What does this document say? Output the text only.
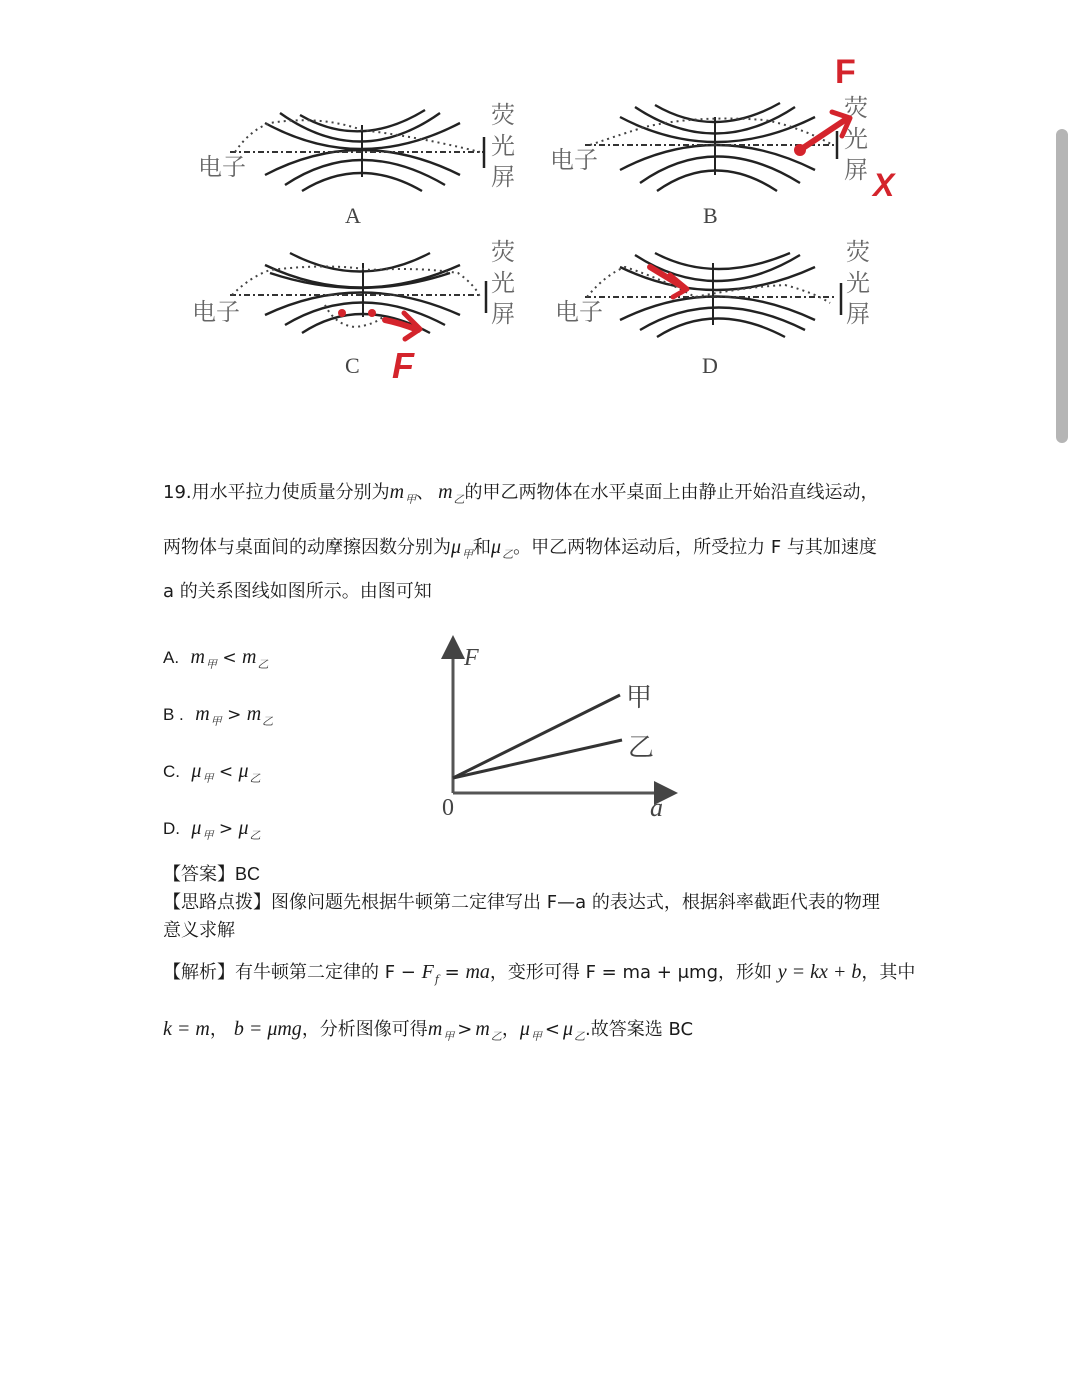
电子
荧
光
屏
A
电子
荧
光
屏
B
F
X
电子
荧
光
屏
C F
电子
荧
光
屏
D
19.用水平拉力使质量分别为$m_甲$、 $m_乙$的甲乙两物体在水平桌面上由静止开始沿直线运动，
两物体与桌面间的动摩擦因数分别为$\mu_甲$和$\mu_乙$。甲乙两物体运动后，所受拉力 F 与其加速度
a 的关系图线如图所示。由图可知
A. $m_甲 < m_乙$
B . $m_甲 > m_乙$
C. $\mu_甲 < \mu_乙$
D. $\mu_甲 > \mu_乙$
F
a
0
甲
乙
【答案】BC
【思路点拨】图像问题先根据牛顿第二定律写出 F—a 的表达式，根据斜率截距代表的物理
意义求解
【解析】有牛顿第二定律的 $F - F_f$ = ma，变形可得 F = ma + μmg，形如 y = kx + b，其中
k = m， b = μmg，分析图像可得$m_甲 > m_乙$，$\mu_甲 < \mu_乙$.故答案选 BC
